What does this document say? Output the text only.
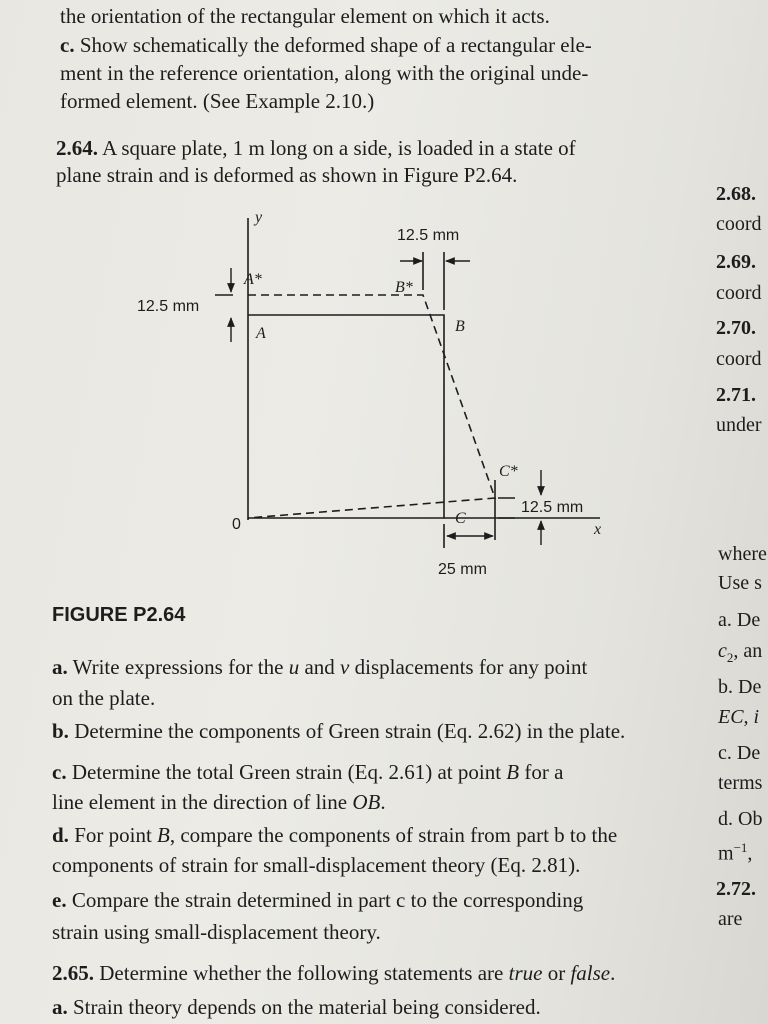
the orientation of the rectangular element on which it acts.
c. Show schematically the deformed shape of a rectangular ele-
ment in the reference orientation, along with the original unde-
formed element. (See Example 2.10.)
2.64. A square plate, 1 m long on a side, is loaded in a state of
plane strain and is deformed as shown in Figure P2.64.
y
x
0
A*
A
B*
B
C*
C
12.5 mm
12.5 mm
12.5 mm
25 mm
FIGURE P2.64
a. Write expressions for the u and v displacements for any point
on the plate.
b. Determine the components of Green strain (Eq. 2.62) in the plate.
c. Determine the total Green strain (Eq. 2.61) at point B for a
line element in the direction of line OB.
d. For point B, compare the components of strain from part b to the
components of strain for small-displacement theory (Eq. 2.81).
e. Compare the strain determined in part c to the corresponding
strain using small-displacement theory.
2.65. Determine whether the following statements are true or false.
a. Strain theory depends on the material being considered.
2.68.
coord
2.69.
coord
2.70.
coord
2.71.
under
where
Use s
a. De
$c_2$, an
b. De
EC, i
c. De
terms
d. Ob
$m^{-1}$,
2.72.
are
